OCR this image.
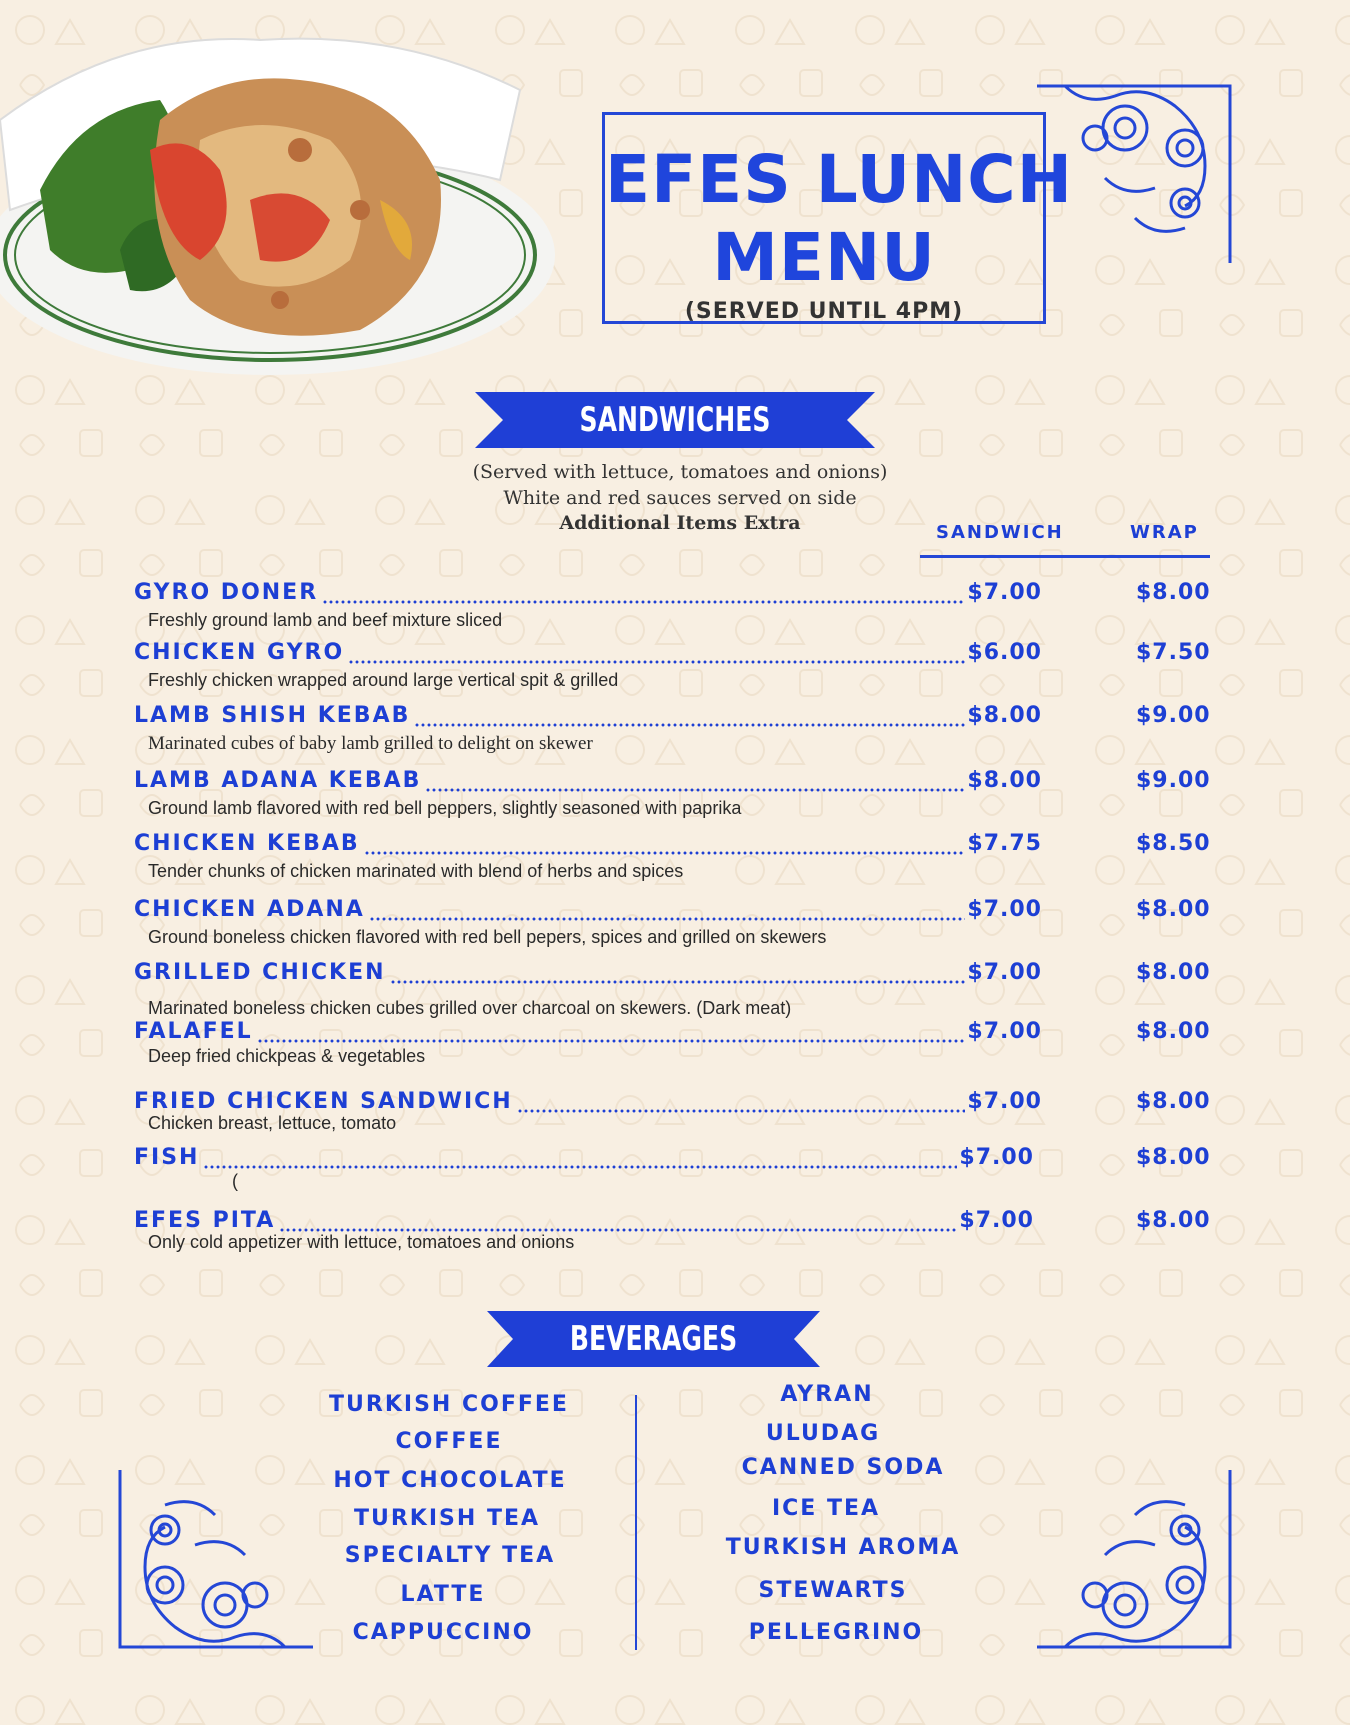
EFES LUNCH
MENU
(SERVED UNTIL 4PM)
SANDWICHES
(Served with lettuce, tomatoes and onions)
White and red sauces served on side
Additional Items Extra	SANDWICH	WRAP
GYRO DONER	$7.00	$8.00
Freshly ground lamb and beef mixture sliced
CHICKEN GYRO	$6.00	$7.50
Freshly chicken wrapped around large vertical spit & grilled
LAMB SHISH KEBAB	$8.00	$9.00
Marinated cubes of baby lamb grilled to delight on skewer
LAMB ADANA KEBAB	$8.00	$9.00
Ground lamb flavored with red bell peppers, slightly seasoned with paprika
CHICKEN KEBAB	$7.75	$8.50
Tender chunks of chicken marinated with blend of herbs and spices
CHICKEN ADANA	$7.00	$8.00
Ground boneless chicken flavored with red bell pepers, spices and grilled on skewers
GRILLED CHICKEN	$7.00	$8.00
Marinated boneless chicken cubes grilled over charcoal on skewers. (Dark meat)
FALAFEL	$7.00	$8.00
Deep fried chickpeas & vegetables
FRIED CHICKEN SANDWICH	$7.00	$8.00
Chicken breast, lettuce, tomato
FISH	$7.00	$8.00
(
EFES PITA	$7.00	$8.00
Only cold appetizer with lettuce, tomatoes and onions
BEVERAGES
TURKISH COFFEE
COFFEE
HOT CHOCOLATE
TURKISH TEA
SPECIALTY TEA
LATTE
CAPPUCCINO
AYRAN
ULUDAG
CANNED SODA
ICE TEA
TURKISH AROMA
STEWARTS
PELLEGRINO
